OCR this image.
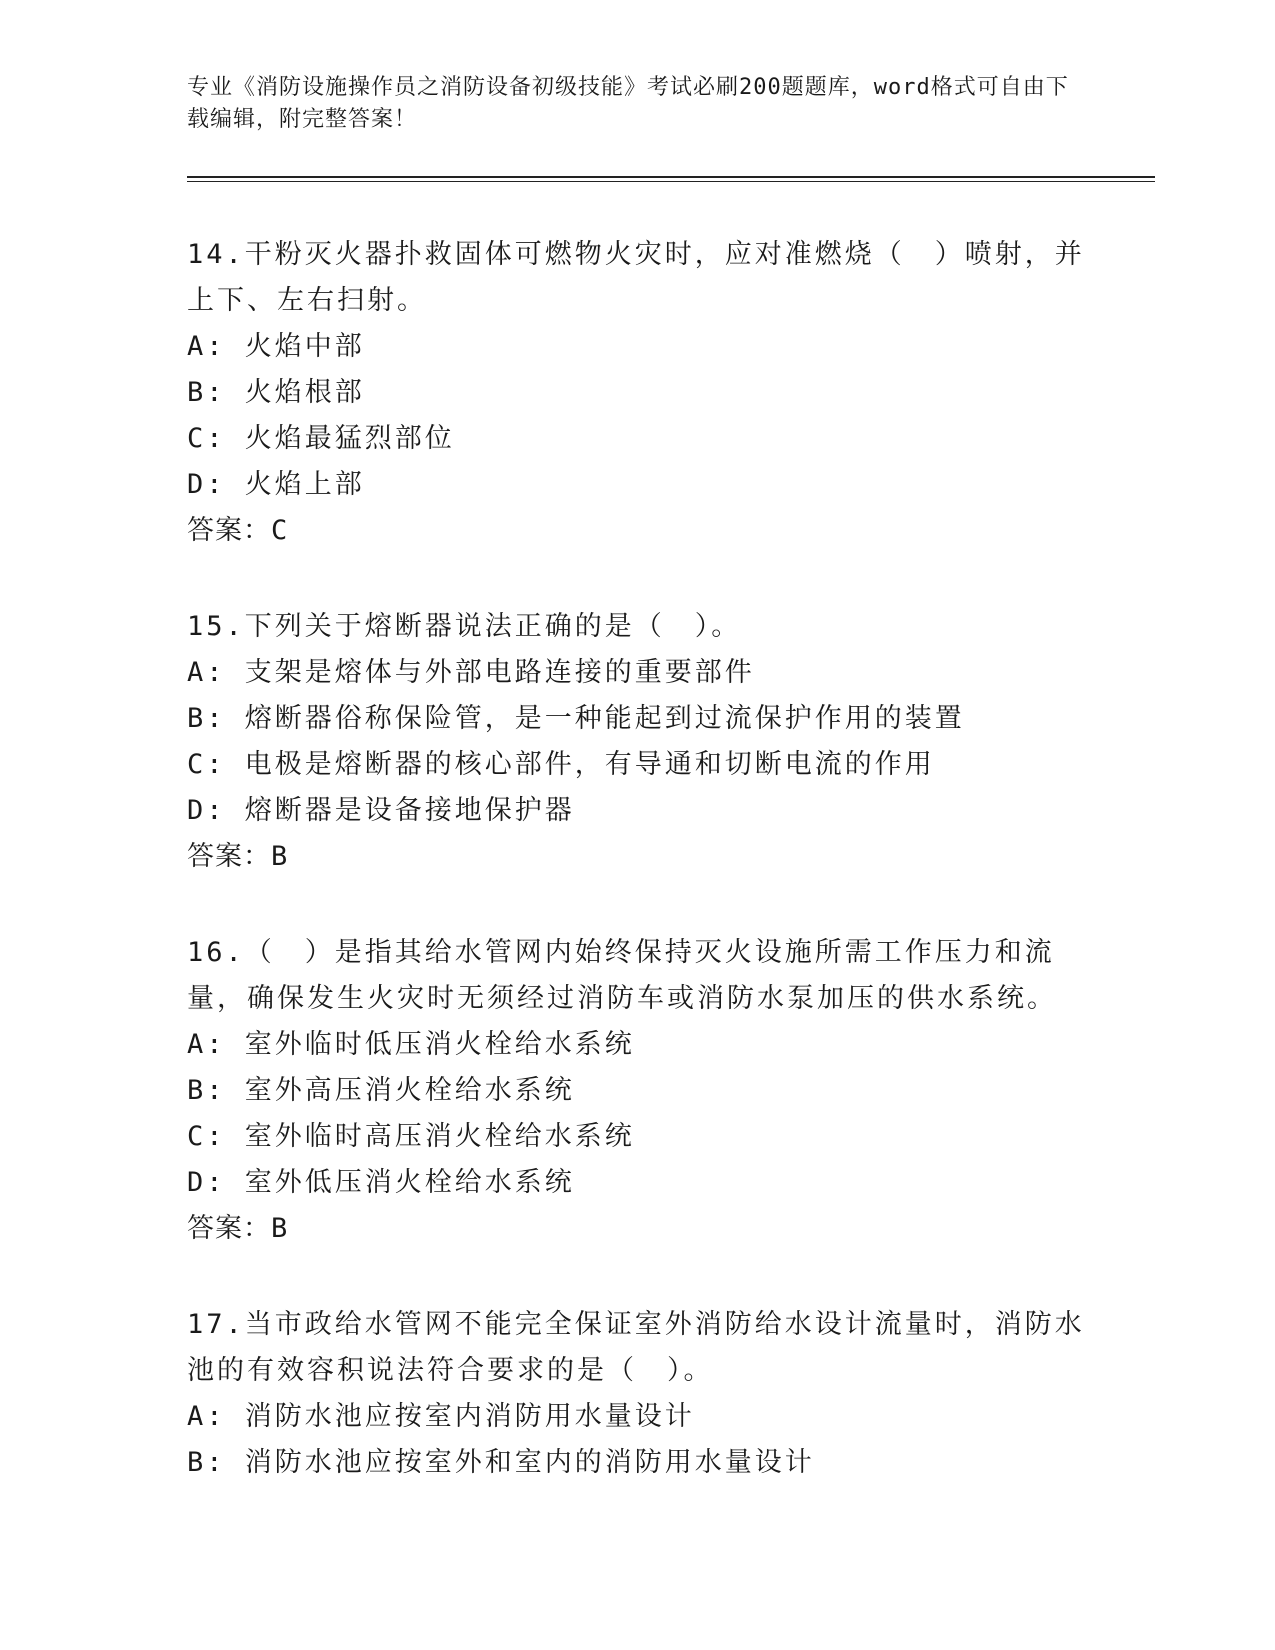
专业《消防设施操作员之消防设备初级技能》考试必刷200题题库，word格式可自由下载编辑，附完整答案！

14.干粉灭火器扑救固体可燃物火灾时，应对准燃烧（　）喷射，并上下、左右扫射。

A: 火焰中部

B: 火焰根部

C: 火焰最猛烈部位

D: 火焰上部

答案：C

15.下列关于熔断器说法正确的是（　）。

A: 支架是熔体与外部电路连接的重要部件

B: 熔断器俗称保险管，是一种能起到过流保护作用的装置

C: 电极是熔断器的核心部件，有导通和切断电流的作用

D: 熔断器是设备接地保护器

答案：B

16.（　）是指其给水管网内始终保持灭火设施所需工作压力和流量，确保发生火灾时无须经过消防车或消防水泵加压的供水系统。

A: 室外临时低压消火栓给水系统

B: 室外高压消火栓给水系统

C: 室外临时高压消火栓给水系统

D: 室外低压消火栓给水系统

答案：B

17.当市政给水管网不能完全保证室外消防给水设计流量时，消防水池的有效容积说法符合要求的是（　）。

A: 消防水池应按室内消防用水量设计

B: 消防水池应按室外和室内的消防用水量设计
